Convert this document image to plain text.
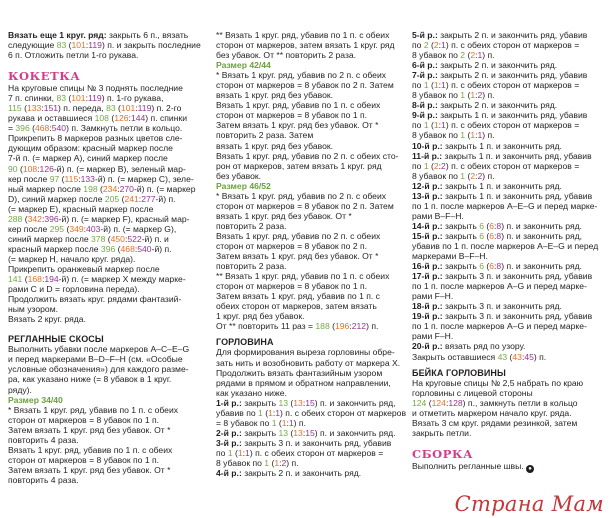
Вязать еще 1 круг. ряд: закрыть 6 п., вязать

следующие 83 (101:119) п. и закрыть последние

6 п. Отложить петли 1-го рукава.

КОКЕТКА

На круговые спицы № 3 поднять последние

7 п. спинки, 83 (101:119) п. 1-го рукава,

115 (133:151) п. переда, 83 (101:119) п. 2-го

рукава и оставшиеся 108 (126:144) п. спинки

= 396 (468:540) п. Замкнуть петли в кольцо.

Прикрепить 8 маркеров разных цветов сле-

дующим образом: красный маркер после

7-й п. (= маркер A), синий маркер после

90 (108:126-й) п. (= маркер B), зеленый мар-

кер после 97 (115:133-й) п. (= маркер C), зеле-

ный маркер после 198 (234:270-й) п. (= маркер

D), синий маркер после 205 (241:277-й) п.

(= маркер E), красный маркер после

288 (342:396-й) п. (= маркер F), красный мар-

кер после 295 (349:403-й) п. (= маркер G),

синий маркер после 378 (450:522-й) п. и

красный маркер после 396 (468:540-й) п.

(= маркер H, начало круг. ряда).

Прикрепить оранжевый маркер после

141 (168:194-й) п. (= маркер X между марке-

рами C и D = горловина переда).

Продолжить вязать круг. рядами фантазий-

ным узором.

Вязать 2 круг. ряда.

РЕГЛАННЫЕ СКОСЫ

Выполнить убавки после маркеров A–C–E–G

и перед маркерами B–D–F–H (см. «Особые

условные обозначения») для каждого разме-

ра, как указано ниже (= 8 убавок в 1 круг.

ряду).

Размер 34/40

* Вязать 1 круг. ряд, убавив по 1 п. с обеих

сторон от маркеров = 8 убавок по 1 п.

Затем вязать 1 круг. ряд без убавок. От *

повторить 4 раза.

Вязать 1 круг. ряд, убавив по 1 п. с обеих

сторон от маркеров = 8 убавок по 1 п.

Затем вязать 1 круг. ряд без убавок. От *

повторить 4 раза.

** Вязать 1 круг. ряд, убавив по 1 п. с обеих

сторон от маркеров, затем вязать 1 круг. ряд

без убавок. От ** повторить 2 раза.

Размер 42/44

* Вязать 1 круг. ряд, убавив по 2 п. с обеих

сторон от маркеров = 8 убавок по 2 п. Затем

вязать 1 круг. ряд без убавок.

Вязать 1 круг. ряд, убавив по 1 п. с обеих

сторон от маркеров = 8 убавок по 1 п.

Затем вязать 1 круг. ряд без убавок. От *

повторить 2 раза. Затем

вязать 1 круг. ряд без убавок.

Вязать 1 круг. ряд, убавив по 2 п. с обеих сто-

рон от маркеров, затем вязать 1 круг. ряд

без убавок.

Размер 46/52

* Вязать 1 круг. ряд, убавив по 2 п. с обеих

сторон от маркеров = 8 убавок по 2 п. Затем

вязать 1 круг. ряд без убавок. От *

повторить 2 раза.

Вязать 1 круг. ряд, убавив по 2 п. с обеих

сторон от маркеров = 8 убавок по 2 п.

Затем вязать 1 круг. ряд без убавок. От *

повторить 2 раза.

** Вязать 1 круг. ряд, убавив по 1 п. с обеих

сторон от маркеров = 8 убавок по 1 п.

Затем вязать 1 круг. ряд, убавив по 1 п. с

обеих сторон от маркеров, затем вязать

1 круг. ряд без убавок.

От ** повторить 11 раз = 188 (196:212) п.

ГОРЛОВИНА

Для формирования выреза горловины обре-

зать нить и возобновить работу от маркера X.

Продолжить вязать фантазийным узором

рядами в прямом и обратном направлении,

как указано ниже.

1-й р.: закрыть 13 (13:15) п. и закончить ряд,

убавив по 1 (1:1) п. с обеих сторон от маркеров

= 8 убавок по 1 (1:1) п.

2-й р.: закрыть 13 (13:15) п. и закончить ряд.

3-й р.: закрыть 3 п. и закончить ряд, убавив

по 1 (1:1) п. с обеих сторон от маркеров =

8 убавок по 1 (1:2) п.

4-й р.: закрыть 2 п. и закончить ряд.

5-й р.: закрыть 2 п. и закончить ряд, убавив

по 2 (2:1) п. с обеих сторон от маркеров =

8 убавок по 2 (2:1) п.

6-й р.: закрыть 2 п. и закончить ряд.

7-й р.: закрыть 2 п. и закончить ряд, убавив

по 1 (1:1) п. с обеих сторон от маркеров =

8 убавок по 1 (1:2) п.

8-й р.: закрыть 2 п. и закончить ряд.

9-й р.: закрыть 1 п. и закончить ряд, убавив

по 1 (1:1) п. с обеих сторон от маркеров =

8 убавок по 1 (1:1) п.

10-й р.: закрыть 1 п. и закончить ряд.

11-й р.: закрыть 1 п. и закончить ряд, убавив

по 1 (2:2) п. с обеих сторон от маркеров =

8 убавок по 1 (2:2) п.

12-й р.: закрыть 1 п. и закончить ряд.

13-й р.: закрыть 1 п. и закончить ряд, убавив

по 1 п. после маркеров A–E–G и перед марке-

рами B–F–H.

14-й р.: закрыть 6 (6:8) п. и закончить ряд.

15-й р.: закрыть 6 (6:8) п. и закончить ряд,

убавив по 1 п. после маркеров A–E–G и перед

маркерами B–F–H.

16-й р.: закрыть 6 (6:8) п. и закончить ряд.

17-й р.: закрыть 3 п. и закончить ряд, убавив

по 1 п. после маркеров A–G и перед марке-

рами F–H.

18-й р.: закрыть 3 п. и закончить ряд.

19-й р.: закрыть 3 п. и закончить ряд, убавив

по 1 п. после маркеров A–G и перед марке-

рами F–H.

20-й р.: вязать ряд по узору.

Закрыть оставшиеся 43 (43:45) п.

БЕЙКА ГОРЛОВИНЫ

На круговые спицы № 2,5 набрать по краю

горловины с лицевой стороны

124 (124:128) п., замкнуть петли в кольцо

и отметить маркером начало круг. ряда.

Вязать 3 см круг. рядами резинкой, затем

закрыть петли.

СБОРКА

Выполнить регланные швы. ●

Страна Мам
